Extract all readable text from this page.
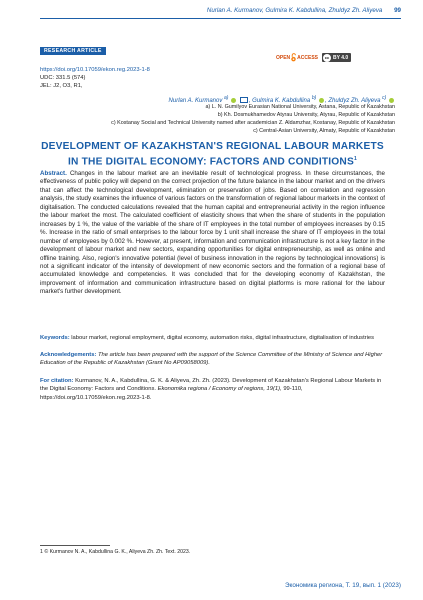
Nurlan A. Kurmanov, Gulmira K. Kabdullina, Zhuldyz Zh. Aliyeva 99
RESEARCH ARTICLE
https://doi.org/10.17059/ekon.reg.2023-1-8
UDC: 331.5 (574)
JEL: J2, O3, R1,
OPEN ACCESS	cc BY 4.0
Nurlan A. Kurmanov $^{a)}$	, Gulmira K. Kabdullina $^{b)}$ , Zhuldyz Zh. Aliyeva $^{c)}$
a) L. N. Gumilyov Eurasian National University, Astana, Republic of Kazakhstan
b) Kh. Dosmukhamedov Atyrau University, Atyrau, Republic of Kazakhstan
c) Kostanay Social and Technical University named after academician Z. Aldamzhar, Kostanay, Republic of Kazakhstan
c) Central-Asian University, Almaty, Republic of Kazakhstan
DEVELOPMENT OF KAZAKHSTAN'S REGIONAL LABOUR MARKETS
IN THE DIGITAL ECONOMY: FACTORS AND CONDITIONS$^1$
Abstract. Changes in the labour market are an inevitable result of technological progress. In these circumstances, the effectiveness of public policy will depend on the correct projection of the future balance in the labour market and on the drivers that can affect the technological development, elimination or preservation of jobs. Based on correlation and regression analysis, the study examines the influence of various factors on the transformation of regional labour markets in the context of digitalisation. The conducted calculations revealed that the human capital and entrepreneurial activity in the region influence the labour market the most. The calculated coefficient of elasticity shows that when the share of students in the population increases by 1 %, the value of the variable of the share of IT employees in the total number of employees increases by 0.15 %. Increase in the ratio of small enterprises to the labour force by 1 unit shall increase the share of IT employees in the total number of employees by 0.002 %. However, at present, information and communication infrastructure is not a key factor in the development of labour market and new sectors, expanding opportunities for digital entrepreneurship, as well as online and offline training. Also, region's innovative potential (level of business innovation in the regions by technological innovations) is not a significant indicator of the intensity of development of new economic sectors and the formation of a regional base of accumulated knowledge and competencies. It was concluded that for the developing economy of Kazakhstan, the improvement of information and communication infrastructure based on digital platforms is more rational for the labour market's further development.
Keywords: labour market, regional employment, digital economy, automation risks, digital infrastructure, digitalisation of industries
Acknowledgements: The article has been prepared with the support of the Science Committee of the Ministry of Science and Higher Education of the Republic of Kazakhstan (Grant No AP09058009).
For citation: Kurmanov, N. A., Kabdullina, G. K. & Aliyeva, Zh. Zh. (2023). Development of Kazakhstan's Regional Labour Markets in the Digital Economy: Factors and Conditions. Ekonomika regiona / Economy of regions, 19(1), 99-110, https://doi.org/10.17059/ekon.reg.2023-1-8.
1 © Kurmanov N. A., Kabdullina G. K., Aliyeva Zh. Zh. Text. 2023.
Экономика региона, Т. 19, вып. 1 (2023)
